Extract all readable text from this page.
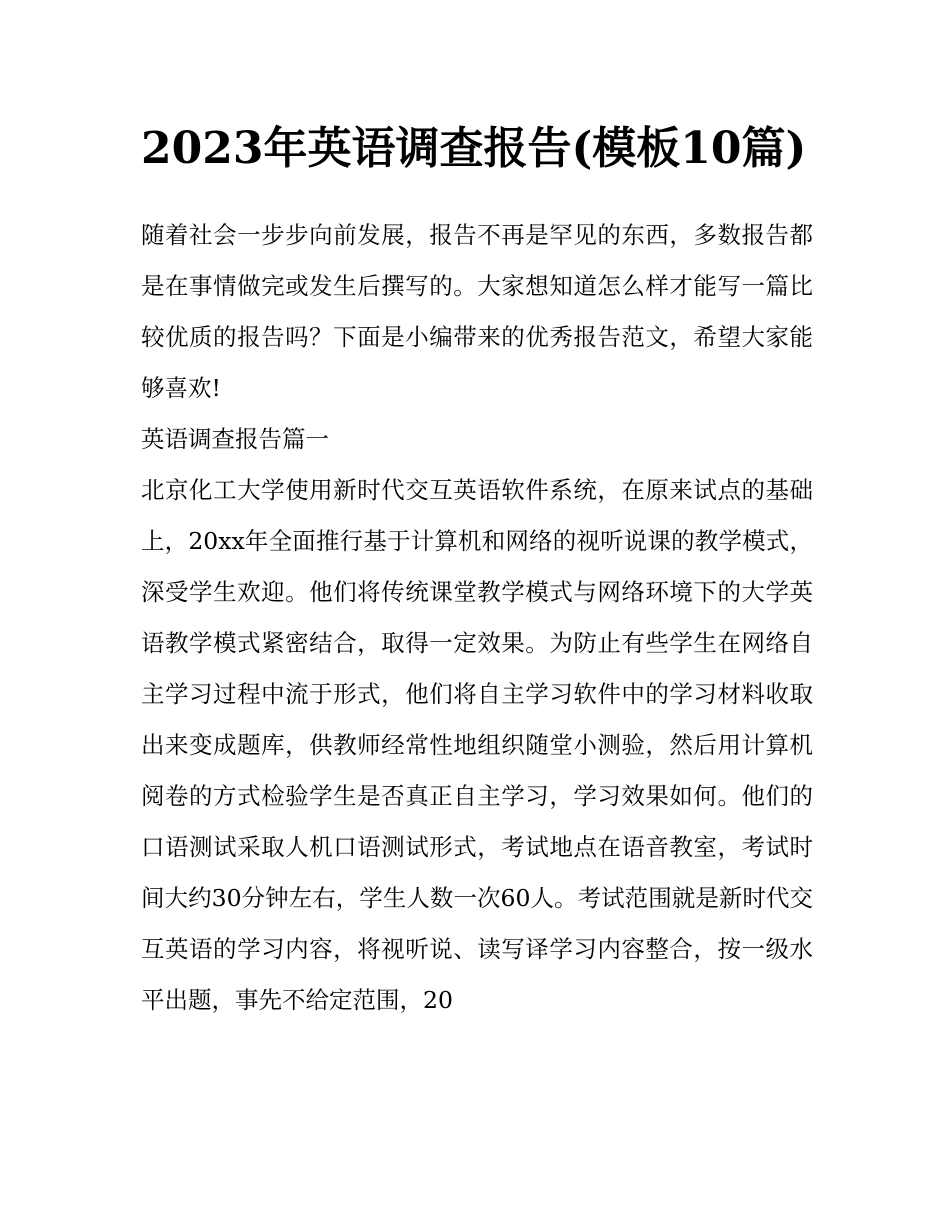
2023年英语调查报告(模板10篇)

随着社会一步步向前发展，报告不再是罕见的东西，多数报告都是在事情做完或发生后撰写的。大家想知道怎么样才能写一篇比较优质的报告吗？下面是小编带来的优秀报告范文，希望大家能够喜欢!

英语调查报告篇一

北京化工大学使用新时代交互英语软件系统，在原来试点的基础上，20xx年全面推行基于计算机和网络的视听说课的教学模式，深受学生欢迎。他们将传统课堂教学模式与网络环境下的大学英语教学模式紧密结合，取得一定效果。为防止有些学生在网络自主学习过程中流于形式，他们将自主学习软件中的学习材料收取出来变成题库，供教师经常性地组织随堂小测验，然后用计算机阅卷的方式检验学生是否真正自主学习，学习效果如何。他们的口语测试采取人机口语测试形式，考试地点在语音教室，考试时间大约30分钟左右，学生人数一次60人。考试范围就是新时代交互英语的学习内容，将视听说、读写译学习内容整合，按一级水平出题，事先不给定范围，20
